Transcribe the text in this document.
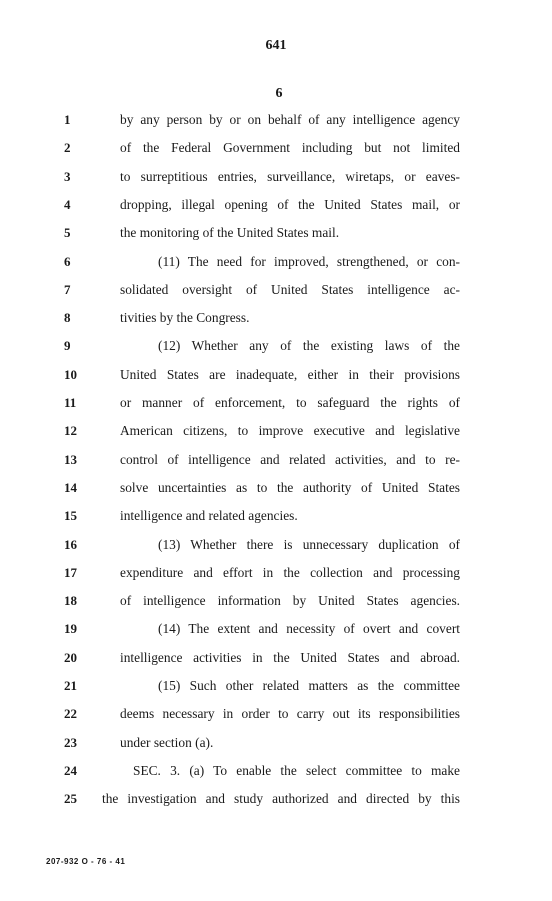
641
6
1	by any person by or on behalf of any intelligence agency
2	of the Federal Government including but not limited
3	to surreptitious entries, surveillance, wiretaps, or eaves-
4	dropping, illegal opening of the United States mail, or
5	the monitoring of the United States mail.
6	(11) The need for improved, strengthened, or con-
7	solidated oversight of United States intelligence ac-
8	tivities by the Congress.
9	(12) Whether any of the existing laws of the
10	United States are inadequate, either in their provisions
11	or manner of enforcement, to safeguard the rights of
12	American citizens, to improve executive and legislative
13	control of intelligence and related activities, and to re-
14	solve uncertainties as to the authority of United States
15	intelligence and related agencies.
16	(13) Whether there is unnecessary duplication of
17	expenditure and effort in the collection and processing
18	of intelligence information by United States agencies.
19	(14) The extent and necessity of overt and covert
20	intelligence activities in the United States and abroad.
21	(15) Such other related matters as the committee
22	deems necessary in order to carry out its responsibilities
23	under section (a).
24	SEC. 3. (a) To enable the select committee to make
25	the investigation and study authorized and directed by this
207-932 O - 76 - 41
